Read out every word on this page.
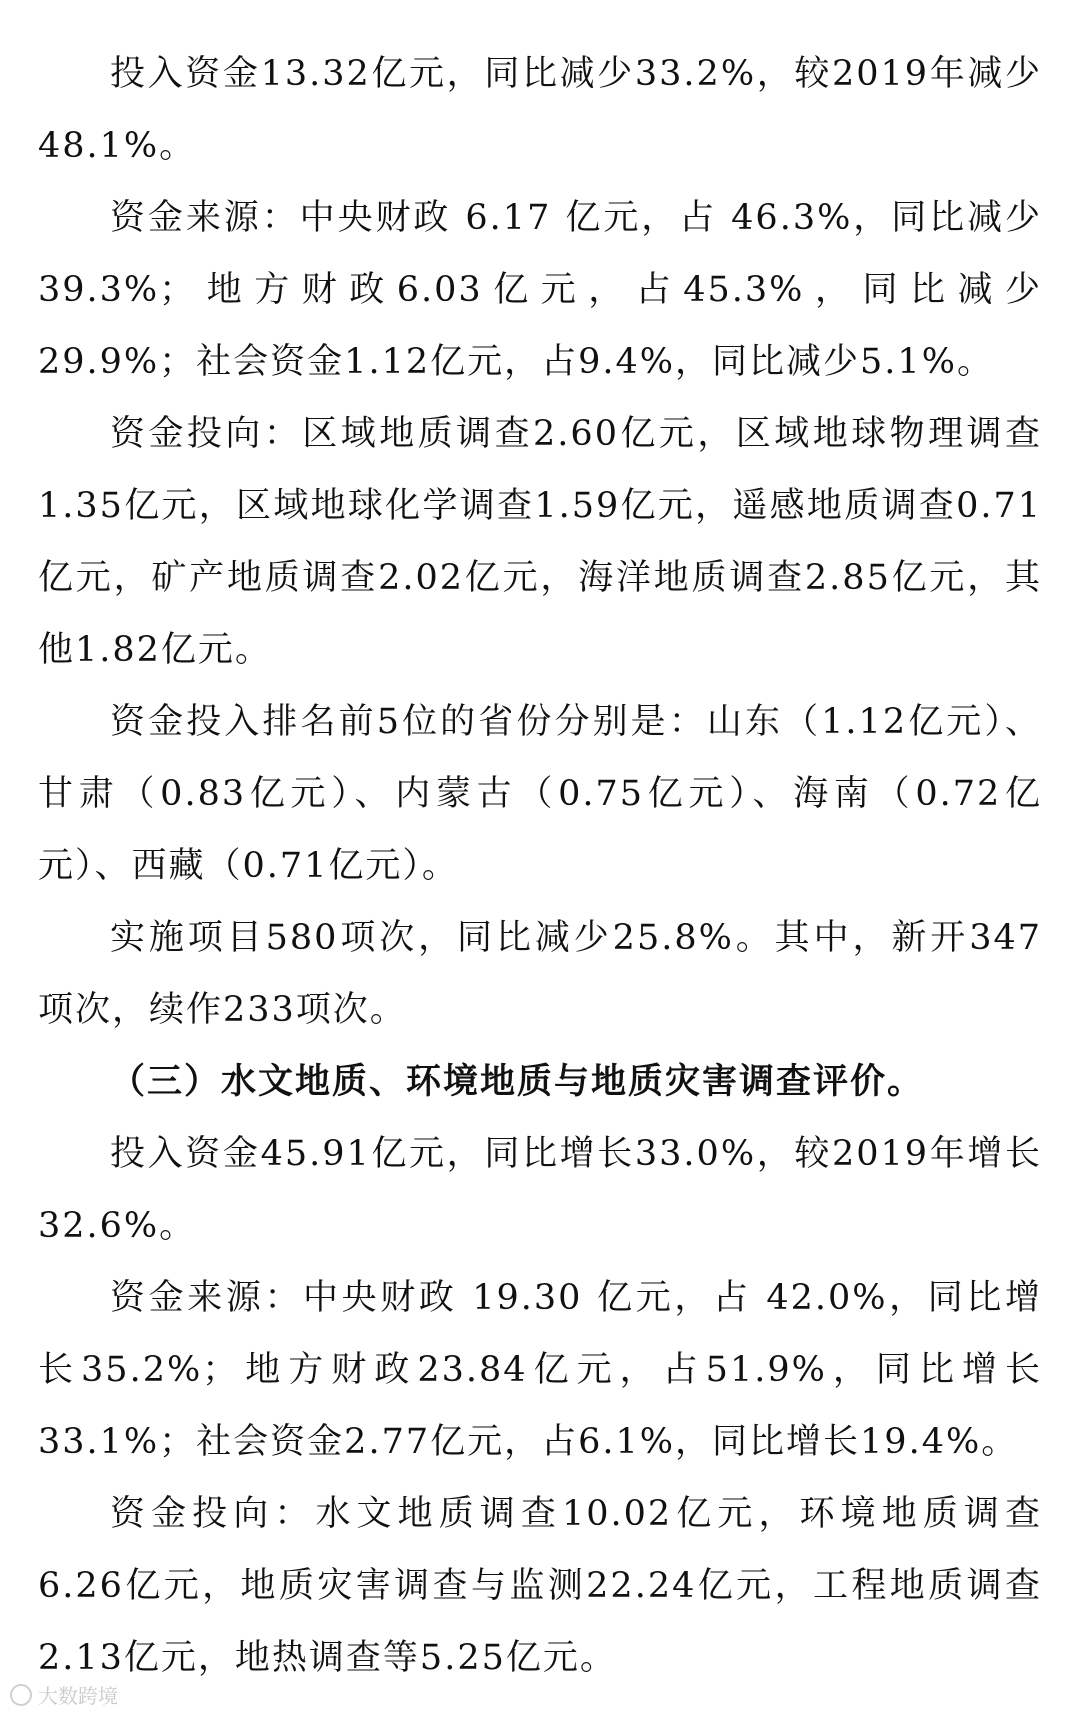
投入资金13.32亿元，同比减少33.2%，较2019年减少48.1%。

资金来源：中央财政 6.17 亿元，占 46.3%，同比减少39.3%；地方财政6.03亿元，占45.3%，同比减少29.9%；社会资金1.12亿元，占9.4%，同比减少5.1%。

资金投向：区域地质调查2.60亿元，区域地球物理调查1.35亿元，区域地球化学调查1.59亿元，遥感地质调查0.71亿元，矿产地质调查2.02亿元，海洋地质调查2.85亿元，其他1.82亿元。

资金投入排名前5位的省份分别是：山东（1.12亿元）、甘肃（0.83亿元）、内蒙古（0.75亿元）、海南（0.72亿元）、西藏（0.71亿元）。

实施项目580项次，同比减少25.8%。其中，新开347项次，续作233项次。

（三）水文地质、环境地质与地质灾害调查评价。

投入资金45.91亿元，同比增长33.0%，较2019年增长32.6%。

资金来源：中央财政 19.30 亿元，占 42.0%，同比增长35.2%；地方财政23.84亿元，占51.9%，同比增长33.1%；社会资金2.77亿元，占6.1%，同比增长19.4%。

资金投向：水文地质调查10.02亿元，环境地质调查6.26亿元，地质灾害调查与监测22.24亿元，工程地质调查2.13亿元，地热调查等5.25亿元。

大数跨境
